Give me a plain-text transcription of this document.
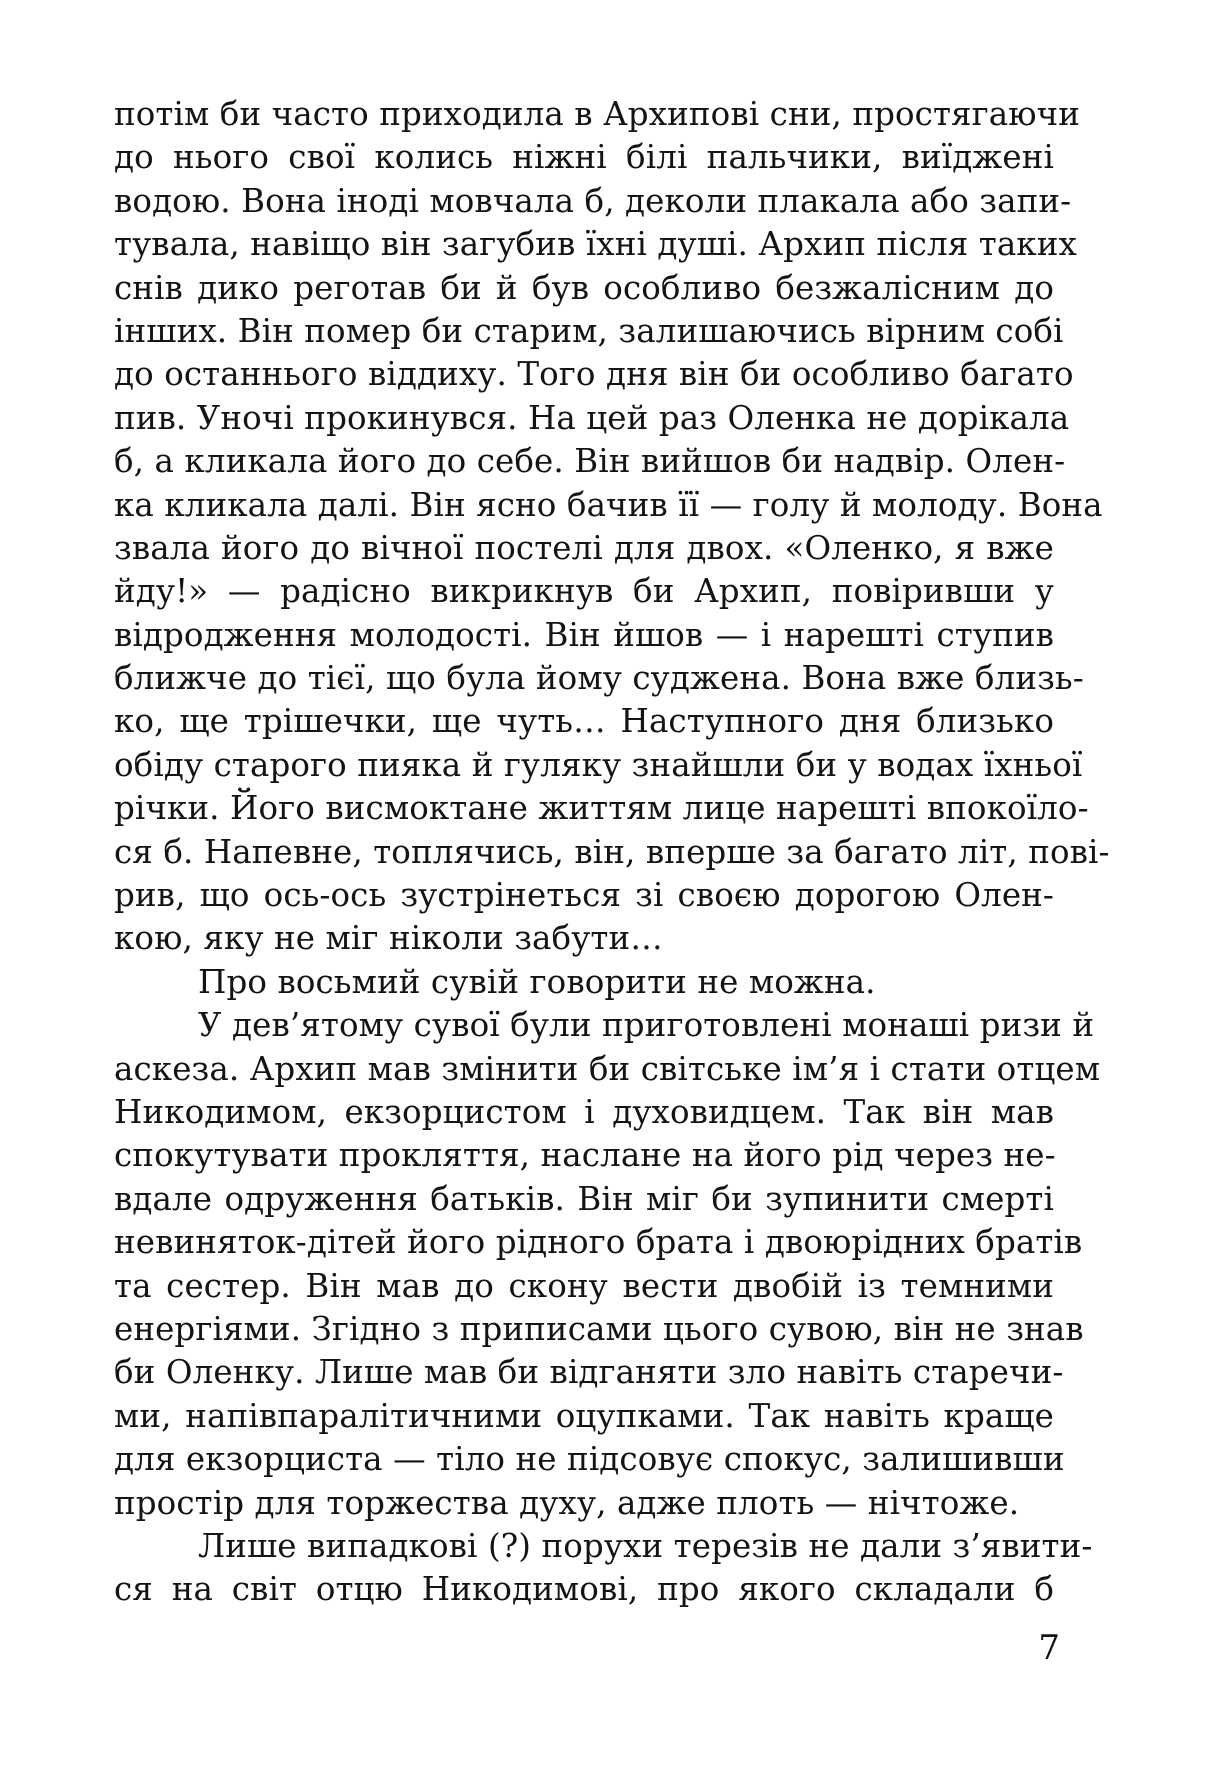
потім би часто приходила в Архипові сни, простягаючи
до нього свої колись ніжні білі пальчики, виїджені
водою. Вона іноді мовчала б, деколи плакала або запи-
тувала, навіщо він загубив їхні душі. Архип після таких
снів дико реготав би й був особливо безжалісним до
інших. Він помер би старим, залишаючись вірним собі
до останнього віддиху. Того дня він би особливо багато
пив. Уночі прокинувся. На цей раз Оленка не дорікала
б, а кликала його до себе. Він вийшов би надвір. Олен-
ка кликала далі. Він ясно бачив її — голу й молоду. Вона
звала його до вічної постелі для двох. «Оленко, я вже
йду!» — радісно викрикнув би Архип, повіривши у
відродження молодості. Він йшов — і нарешті ступив
ближче до тієї, що була йому суджена. Вона вже близь-
ко, ще трішечки, ще чуть… Наступного дня близько
обіду старого пияка й гуляку знайшли би у водах їхньої
річки. Його висмоктане життям лице нарешті впокоїло-
ся б. Напевне, топлячись, він, вперше за багато літ, пові-
рив, що ось-ось зустрінеться зі своєю дорогою Олен-
кою, яку не міг ніколи забути…
Про восьмий сувій говорити не можна.
У дев’ятому сувої були приготовлені монаші ризи й
аскеза. Архип мав змінити би світське ім’я і стати отцем
Никодимом, екзорцистом і духовидцем. Так він мав
спокутувати прокляття, наслане на його рід через не-
вдале одруження батьків. Він міг би зупинити смерті
невиняток-дітей його рідного брата і двоюрідних братів
та сестер. Він мав до скону вести двобій із темними
енергіями. Згідно з приписами цього сувою, він не знав
би Оленку. Лише мав би відганяти зло навіть старечи-
ми, напівпаралітичними оцупками. Так навіть краще
для екзорциста — тіло не підсовує спокус, залишивши
простір для торжества духу, адже плоть — нічтоже.
Лише випадкові (?) порухи терезів не дали з’явити-
ся на світ отцю Никодимові, про якого складали б
7
